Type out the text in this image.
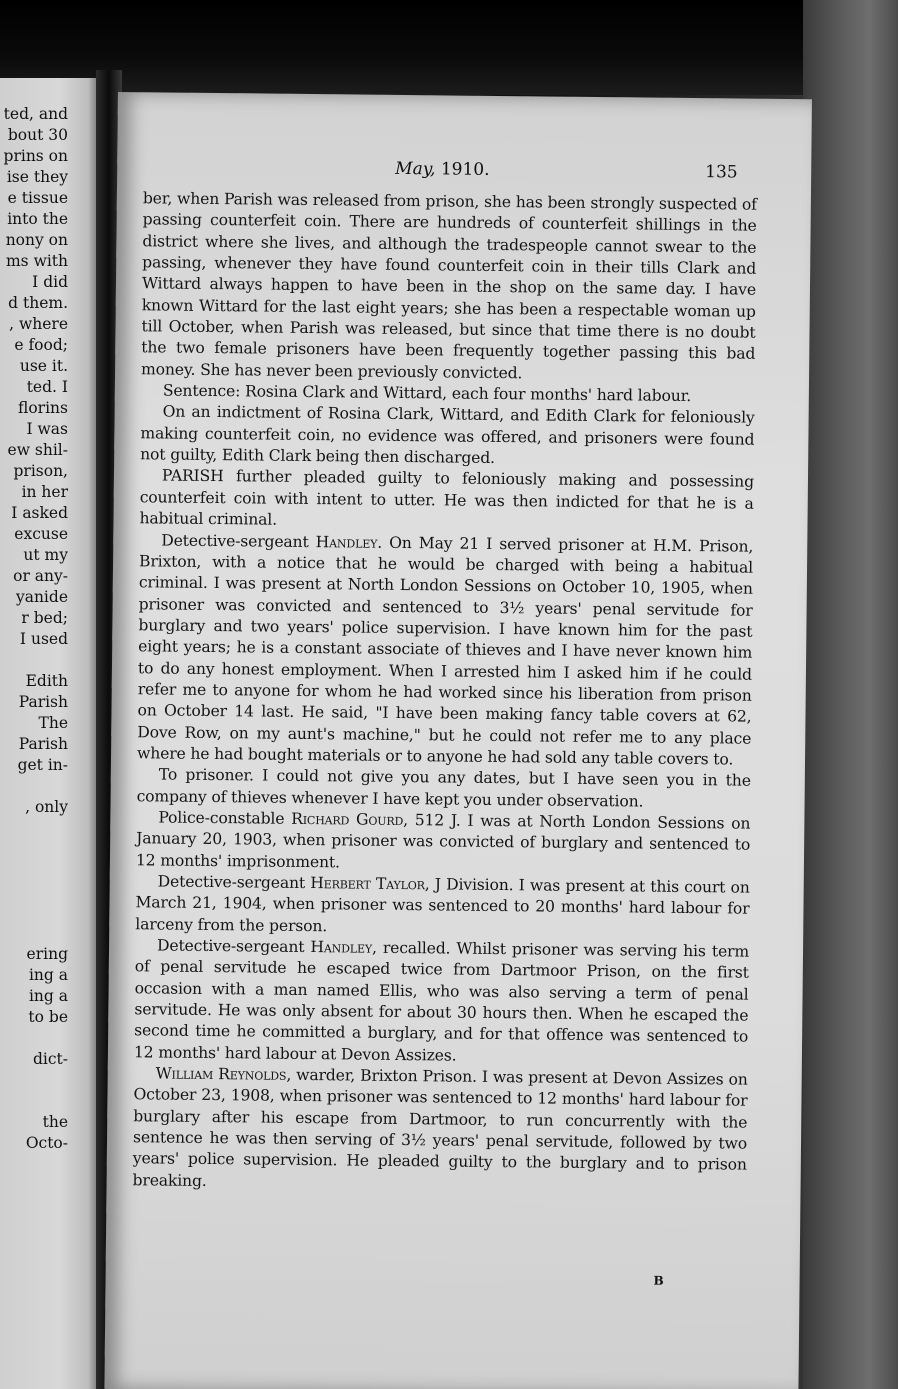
ted, and
bout 30
prins on
ise they
e tissue
into the
nony on
ms with
I did
d them.
, where
e food;
use it.
ted. I
florins
I was
ew shil-
prison,
in her
I asked
excuse
ut my
or any-
yanide
r bed;
I used
Edith
Parish
The
Parish
get in-
, only
ering
ing a
ing a
to be
dict-
the
Octo-
May, 1910.	135

ber, when Parish was released from prison, she has been strongly suspected of passing counterfeit coin. There are hundreds of counterfeit shillings in the district where she lives, and although the tradespeople cannot swear to the passing, whenever they have found counterfeit coin in their tills Clark and Wittard always happen to have been in the shop on the same day. I have known Wittard for the last eight years; she has been a respectable woman up till October, when Parish was released, but since that time there is no doubt the two female prisoners have been frequently together passing this bad money. She has never been previously convicted.

Sentence: Rosina Clark and Wittard, each four months' hard labour.

On an indictment of Rosina Clark, Wittard, and Edith Clark for feloniously making counterfeit coin, no evidence was offered, and prisoners were found not guilty, Edith Clark being then discharged.

PARISH further pleaded guilty to feloniously making and possessing counterfeit coin with intent to utter. He was then indicted for that he is a habitual criminal.

Detective-sergeant Handley. On May 21 I served prisoner at H.M. Prison, Brixton, with a notice that he would be charged with being a habitual criminal. I was present at North London Sessions on October 10, 1905, when prisoner was convicted and sentenced to 3½ years' penal servitude for burglary and two years' police supervision. I have known him for the past eight years; he is a constant associate of thieves and I have never known him to do any honest employment. When I arrested him I asked him if he could refer me to anyone for whom he had worked since his liberation from prison on October 14 last. He said, "I have been making fancy table covers at 62, Dove Row, on my aunt's machine," but he could not refer me to any place where he had bought materials or to anyone he had sold any table covers to.

To prisoner. I could not give you any dates, but I have seen you in the company of thieves whenever I have kept you under observation.

Police-constable Richard Gourd, 512 J. I was at North London Sessions on January 20, 1903, when prisoner was convicted of burglary and sentenced to 12 months' imprisonment.

Detective-sergeant Herbert Taylor, J Division. I was present at this court on March 21, 1904, when prisoner was sentenced to 20 months' hard labour for larceny from the person.

Detective-sergeant Handley, recalled. Whilst prisoner was serving his term of penal servitude he escaped twice from Dartmoor Prison, on the first occasion with a man named Ellis, who was also serving a term of penal servitude. He was only absent for about 30 hours then. When he escaped the second time he committed a burglary, and for that offence was sentenced to 12 months' hard labour at Devon Assizes.

William Reynolds, warder, Brixton Prison. I was present at Devon Assizes on October 23, 1908, when prisoner was sentenced to 12 months' hard labour for burglary after his escape from Dartmoor, to run concurrently with the sentence he was then serving of 3½ years' penal servitude, followed by two years' police supervision. He pleaded guilty to the burglary and to prison breaking.

B
